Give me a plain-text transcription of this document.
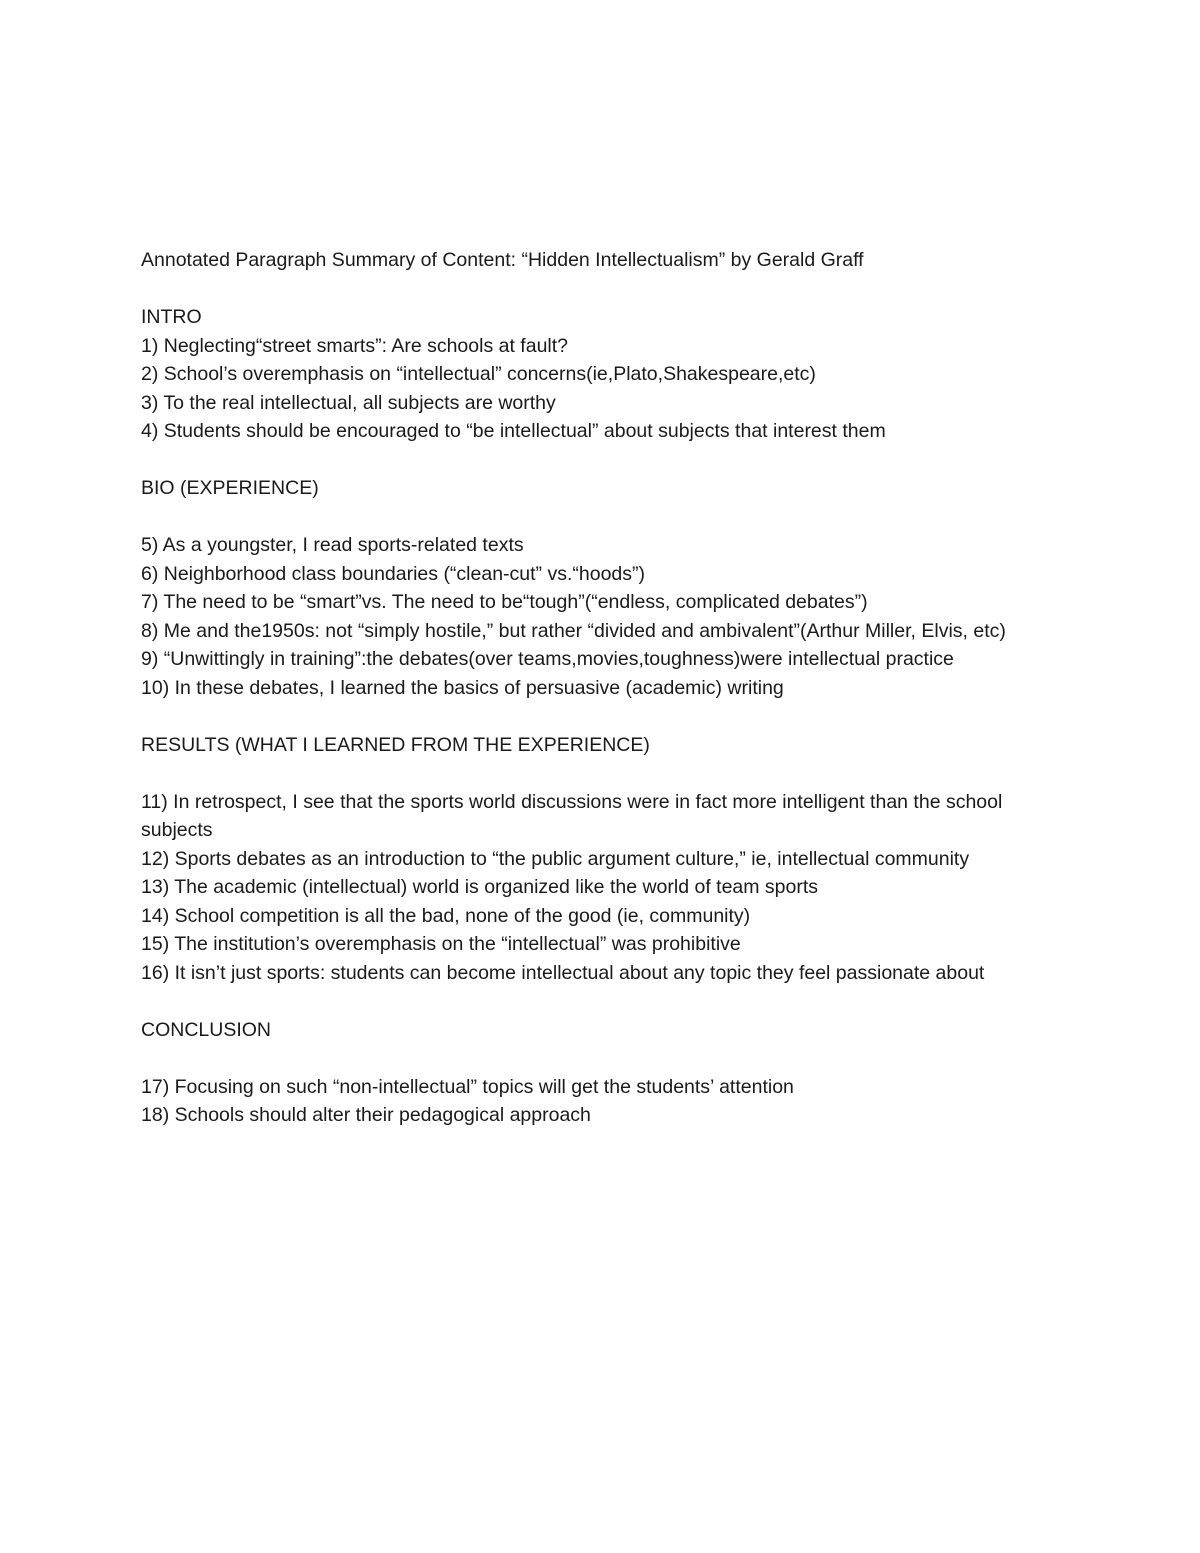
Annotated Paragraph Summary of Content: “Hidden Intellectualism” by Gerald Graff
INTRO
1) Neglecting“street smarts”: Are schools at fault?
2) School’s overemphasis on “intellectual” concerns(ie,Plato,Shakespeare,etc)
3) To the real intellectual, all subjects are worthy
4) Students should be encouraged to “be intellectual” about subjects that interest them
BIO (EXPERIENCE)
5) As a youngster, I read sports-related texts
6) Neighborhood class boundaries (“clean-cut” vs.“hoods”)
7) The need to be “smart”vs. The need to be“tough”(“endless, complicated debates”)
8) Me and the1950s: not “simply hostile,” but rather “divided and ambivalent”(Arthur Miller, Elvis, etc)
9) “Unwittingly in training”:the debates(over teams,movies,toughness)were intellectual practice
10) In these debates, I learned the basics of persuasive (academic) writing
RESULTS (WHAT I LEARNED FROM THE EXPERIENCE)
11) In retrospect, I see that the sports world discussions were in fact more intelligent than the school subjects
12) Sports debates as an introduction to “the public argument culture,” ie, intellectual community
13) The academic (intellectual) world is organized like the world of team sports
14) School competition is all the bad, none of the good (ie, community)
15) The institution’s overemphasis on the “intellectual” was prohibitive
16) It isn’t just sports: students can become intellectual about any topic they feel passionate about
CONCLUSION
17) Focusing on such “non-intellectual” topics will get the students’ attention
18) Schools should alter their pedagogical approach
